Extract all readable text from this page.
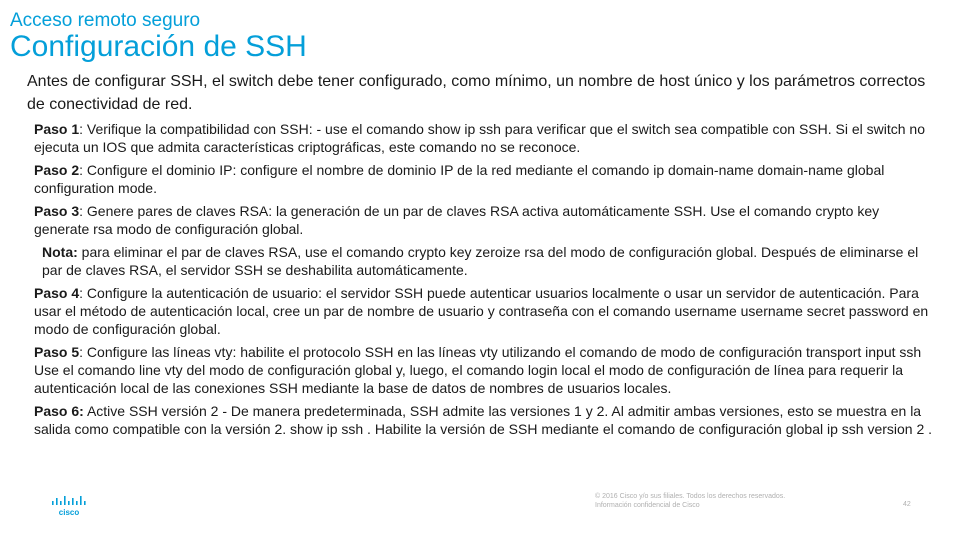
Acceso remoto seguro
Configuración de SSH
Antes de configurar SSH, el switch debe tener configurado, como mínimo, un nombre de host único y los parámetros correctos de conectividad de red.

Paso 1: Verifique la compatibilidad con SSH: - use el comando show ip ssh para verificar que el switch sea compatible con SSH. Si el switch no ejecuta un IOS que admita características criptográficas, este comando no se reconoce.

Paso 2: Configure el dominio IP: configure el nombre de dominio IP de la red mediante el comando ip domain-name domain-name global configuration mode.

Paso 3: Genere pares de claves RSA: la generación de un par de claves RSA activa automáticamente SSH. Use el comando crypto key generate rsa modo de configuración global.

Nota: para eliminar el par de claves RSA, use el comando crypto key zeroize rsa del modo de configuración global. Después de eliminarse el par de claves RSA, el servidor SSH se deshabilita automáticamente.

Paso 4: Configure la autenticación de usuario: el servidor SSH puede autenticar usuarios localmente o usar un servidor de autenticación. Para usar el método de autenticación local, cree un par de nombre de usuario y contraseña con el comando username username secret password en modo de configuración global.

Paso 5: Configure las líneas vty: habilite el protocolo SSH en las líneas vty utilizando el comando de modo de configuración transport input ssh Use el comando line vty del modo de configuración global y, luego, el comando login local el modo de configuración de línea para requerir la autenticación local de las conexiones SSH mediante la base de datos de nombres de usuarios locales.

Paso 6: Active SSH versión 2 - De manera predeterminada, SSH admite las versiones 1 y 2. Al admitir ambas versiones, esto se muestra en la salida como compatible con la versión 2. show ip ssh . Habilite la versión de SSH mediante el comando de configuración global ip ssh version 2 .

cisco
© 2016 Cisco y/o sus filiales. Todos los derechos reservados.
Información confidencial de Cisco	42
